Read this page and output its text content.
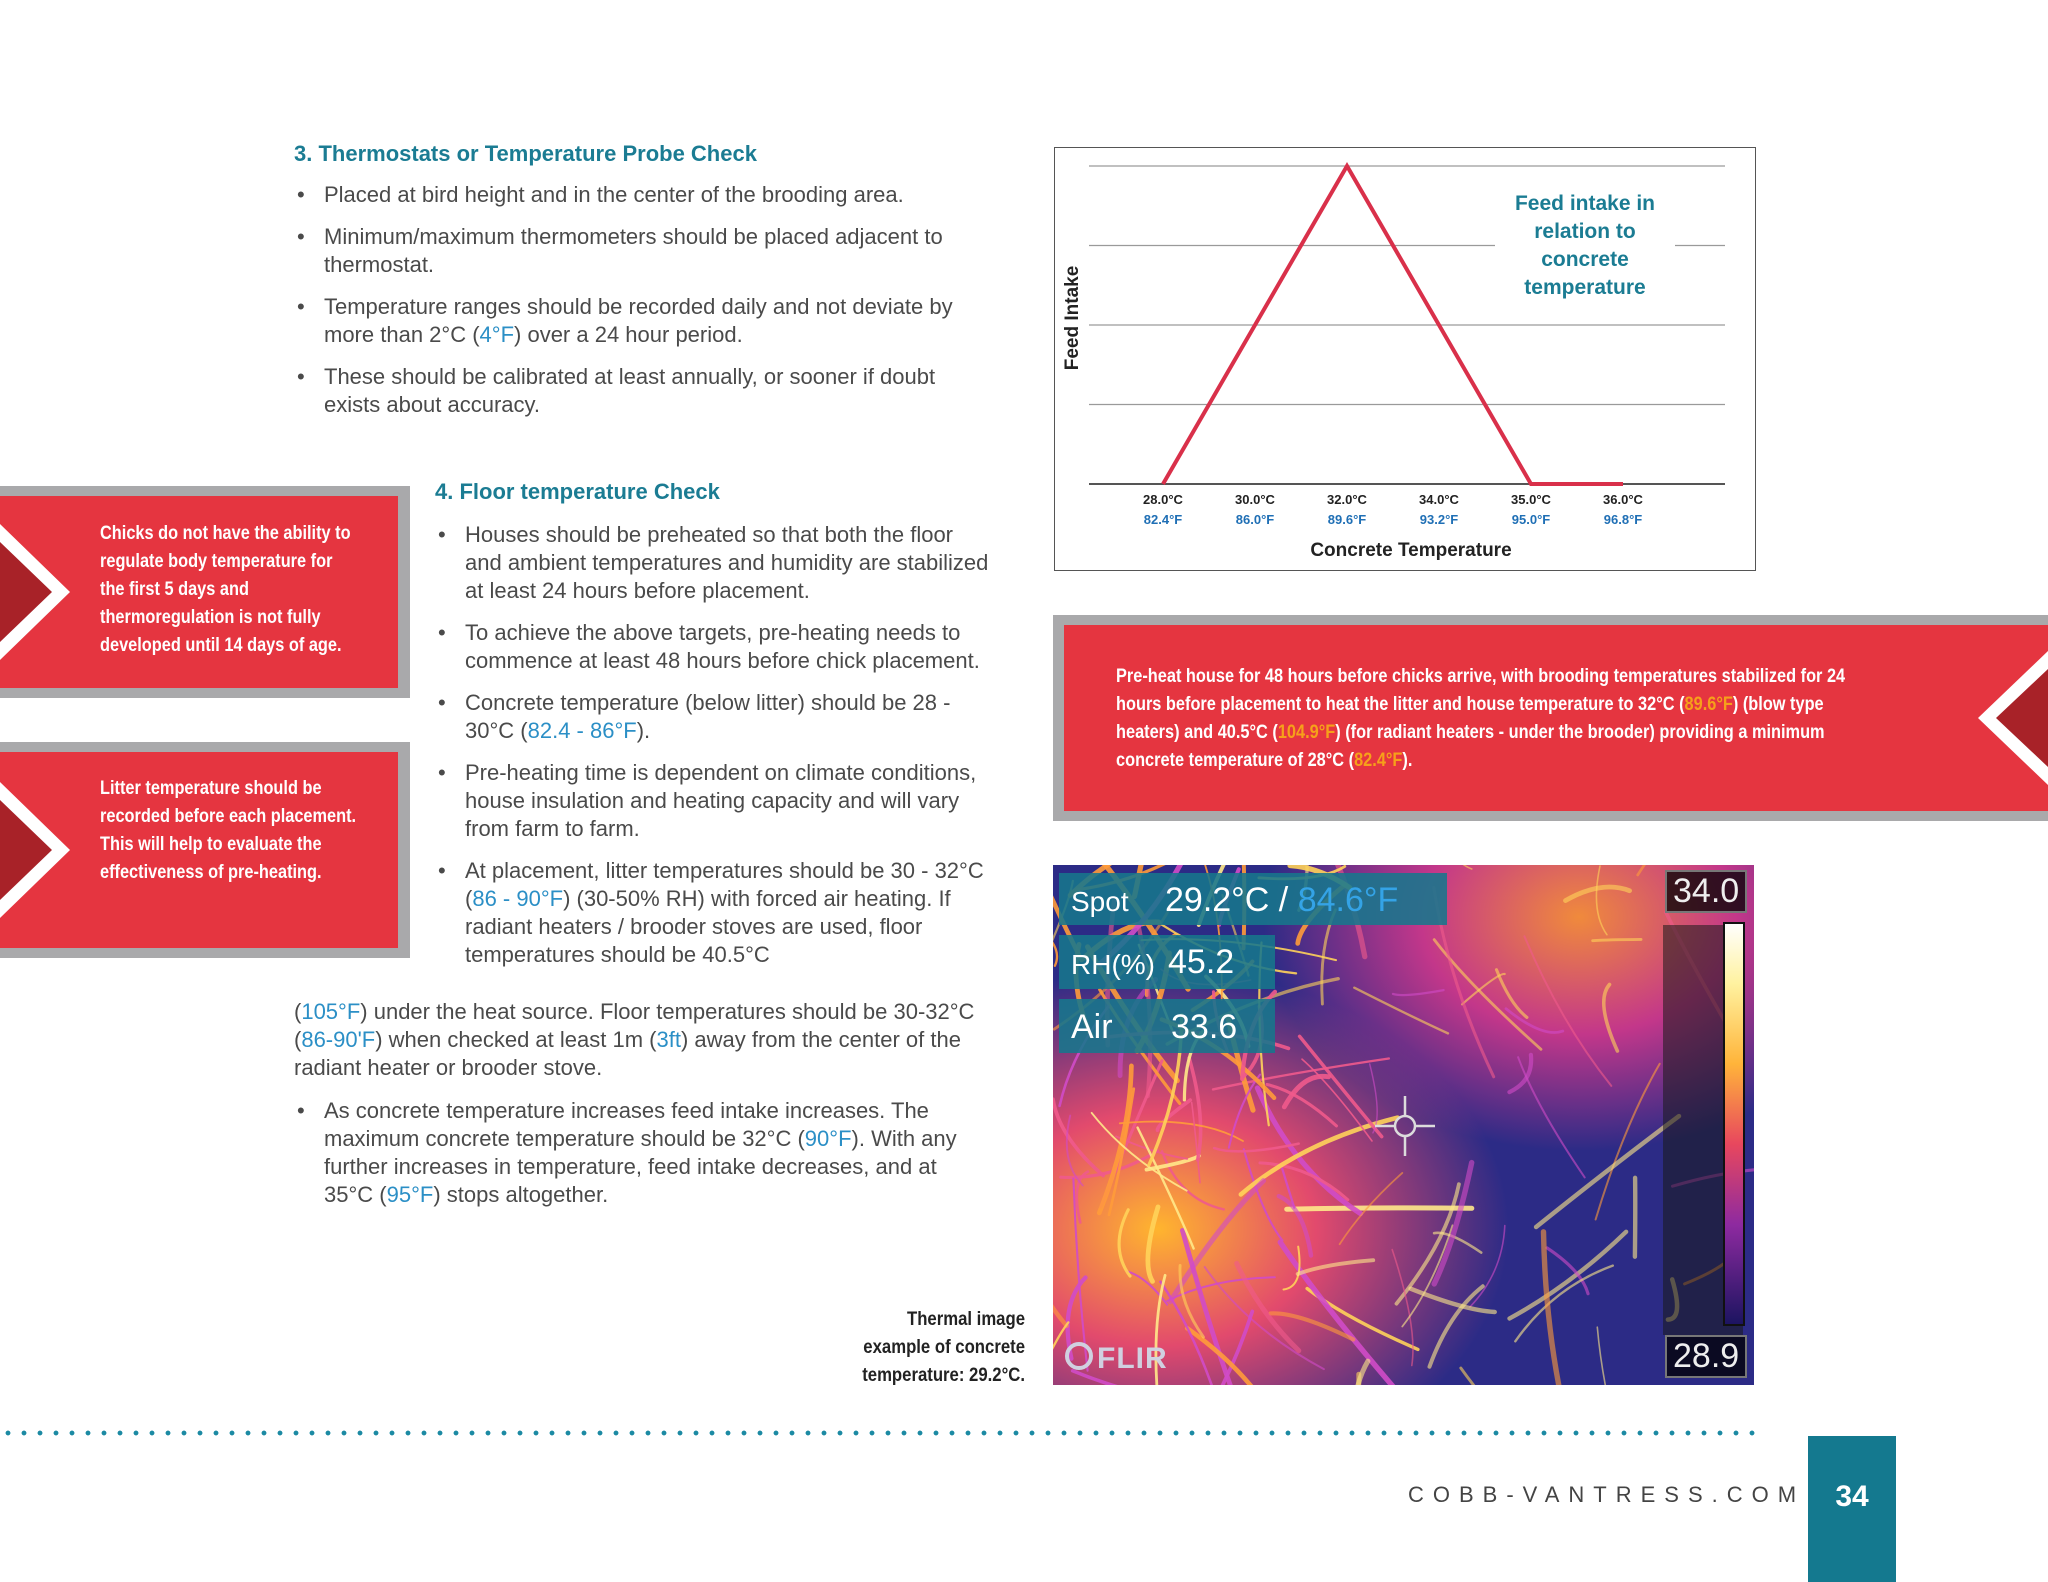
3. Thermostats or Temperature Probe Check
• Placed at bird height and in the center of the brooding area.
• Minimum/maximum thermometers should be placed adjacent to thermostat.
• Temperature ranges should be recorded daily and not deviate by more than 2°C (4°F) over a 24 hour period.
• These should be calibrated at least annually, or sooner if doubt exists about accuracy.
Chicks do not have the ability to regulate body temperature for the first 5 days and thermoregulation is not fully developed until 14 days of age.
Litter temperature should be recorded before each placement. This will help to evaluate the effectiveness of pre-heating.
4. Floor temperature Check
• Houses should be preheated so that both the floor and ambient temperatures and humidity are stabilized at least 24 hours before placement.
• To achieve the above targets, pre-heating needs to commence at least 48 hours before chick placement.
• Concrete temperature (below litter) should be 28 - 30°C (82.4 - 86°F).
• Pre-heating time is dependent on climate conditions, house insulation and heating capacity and will vary from farm to farm.
• At placement, litter temperatures should be 30 - 32°C (86 - 90°F) (30-50% RH) with forced air heating. If radiant heaters / brooder stoves are used, floor temperatures should be 40.5°C
(105°F) under the heat source. Floor temperatures should be 30-32°C (86-90'F) when checked at least 1m (3ft) away from the center of the radiant heater or brooder stove.
• As concrete temperature increases feed intake increases. The maximum concrete temperature should be 32°C (90°F). With any further increases in temperature, feed intake decreases, and at 35°C (95°F) stops altogether.
28.0°C
82.4°F
30.0°C
86.0°F
32.0°C
89.6°F
34.0°C
93.2°F
35.0°C
95.0°F
36.0°C
96.8°F
Feed Intake
Concrete Temperature
Feed intake in relation to concrete temperature
Pre-heat house for 48 hours before chicks arrive, with brooding temperatures stabilized for 24 hours before placement to heat the litter and house temperature to 32°C (89.6°F) (blow type heaters) and 40.5°C (104.9°F) (for radiant heaters - under the brooder) providing a minimum concrete temperature of 28°C (82.4°F).
Spot 29.2°C / 84.6°F
RH(%) 45.2
Air 33.6
34.0
28.9
FLIR
Thermal image
example of concrete
temperature: 29.2°C.
COBB-VANTRESS.COM	34
